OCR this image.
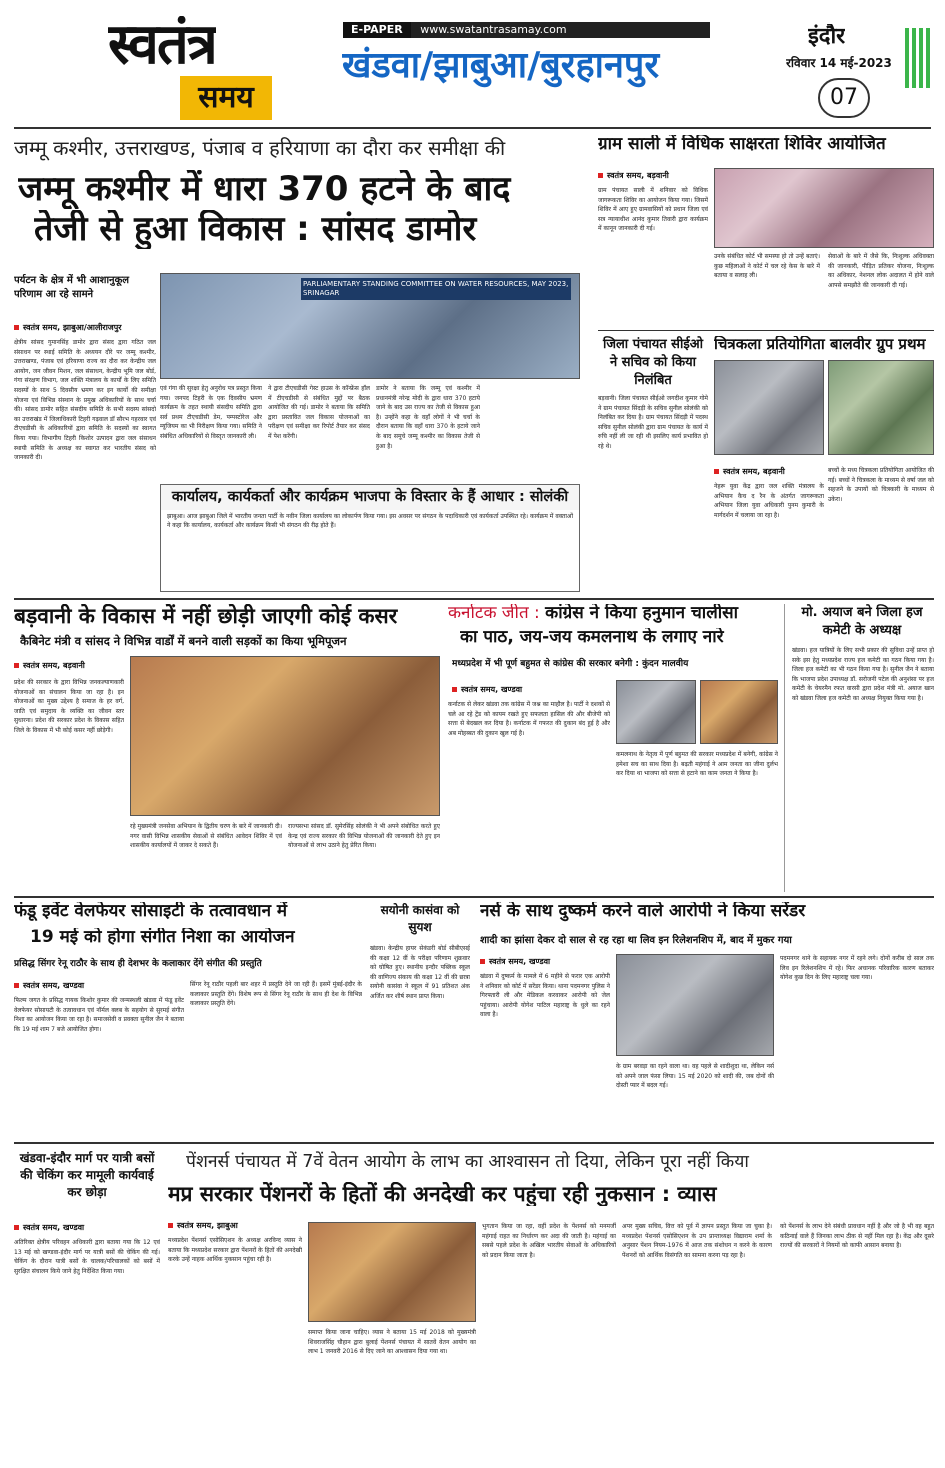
स्वतंत्र
समय
E-PAPER www.swatantrasamay.com
खंडवा/झाबुआ/बुरहानपुर
इंदौर
रविवार 14 मई-2023
07
जम्मू कश्मीर, उत्तराखण्ड, पंजाब व हरियाणा का दौरा कर समीक्षा की
जम्मू कश्मीर में धारा 370 हटने के बाद
तेजी से हुआ विकास : सांसद डामोर
पर्यटन के क्षेत्र में भी आशानुकूल परिणाम आ रहे सामने
स्वतंत्र समय, झाबुआ/आलीराजपुर
क्षेत्रीय सांसद गुमानसिंह डामोर द्वारा संसद द्वारा गठित जल संसाधन पर स्थाई समिति के अध्ययन दौरे पर जम्मू कश्मीर, उत्तराखण्ड, पंजाब एवं हरियाणा राज्य का दौरा कर केन्द्रीय जल आयोग, जन जीवन मिशन, जल संसाधन, केन्द्रीय भूमि जल बोर्ड, गंगा संरक्षण विभाग, जल शक्ति मंत्रालय के कार्यों के लिए समिति सदस्यों के साथ 5 दिवसीय भ्रमण कर इन कार्यों की समीक्षा योजना एवं विभिन्न संस्थान के प्रमुख अधिकारियों के साथ चर्चा की। सांसद डामोर सहित संसदीय समिति के सभी सदस्य सांसदो का उत्तराखंड में जिलाधिकारी टिहरी गढ़वाल डॉ सौरभ गहरवार एवं टीएचडीसी के अधिकारियों द्वारा समिति के सदस्यों का स्वागत किया गया। विभागीय टिहरी किशोर उत्पादन द्वारा जल संसाधन स्थायी समिति के अध्यक्ष का स्वागत कर भारतीय संसद को जानकारी दी।
PARLIAMENTARY STANDING COMMITTEE ON WATER RESOURCES, MAY 2023, SRINAGAR
एवं गंगा की सुरक्षा हेतु अनुरोध पत्र प्रस्तुत किया गया। जनपद टिहरी के एक दिवसीय भ्रमण कार्यक्रम के तहत स्थायी संसदीय समिति द्वारा सर्व प्रथम टीएचडीसी डेम, पम्पस्टोरेज और म्यूजियम का भी निरीक्षण किया गया। समिति ने संबंधित अधिकारियों से विस्तृत जानकारी ली।
ने द्वारा टीएचडीसी गेस्ट हाउस के कॉन्फ्रेंस हॉल में टीएचडीसी से संबंधित मुद्दों पर बैठक आयोजित की गई। डामोर ने बताया कि समिति द्वारा प्रस्तावित जल विकास योजनाओं का परीक्षण एवं समीक्षा कर रिपोर्ट तैयार कर संसद में पेश करेंगी।
डामोर ने बताया कि जम्मू एवं कश्मीर में प्रधानमंत्री नरेन्द्र मोदी के द्वारा धारा 370 हटाये जाने के बाद उस राज्य का तेजी से विकास हुआ है। उन्होंने कहा के वहाँ लोगों ने भी चर्चा के दौरान बताया कि वहाँ धारा 370 के हटाये जाने के बाद समूचे जम्मू कश्मीर का विकास तेजी से हुआ है।
कार्यालय, कार्यकर्ता और कार्यक्रम भाजपा के विस्तार के हैं आधार : सोलंकी
झाबुआ। आज झाबुआ जिले में भारतीय जनता पार्टी के नवीन जिला कार्यालय का लोकार्पण किया गया। इस अवसर पर संगठन के पदाधिकारी एवं कार्यकर्ता उपस्थित रहे। कार्यक्रम में वक्ताओं ने कहा कि कार्यालय, कार्यकर्ता और कार्यक्रम किसी भी संगठन की रीढ़ होते हैं।
ग्राम साली में विधिक साक्षरता शिविर आयोजित
स्वतंत्र समय, बड़वानी
ग्राम पंचायत साली में शनिवार को विधिक जागरूकता शिविर का आयोजन किया गया। जिसमें शिविर में आए हुए ग्रामवासियों को प्रधान जिला एवं सत्र न्यायाधीश आनंद कुमार तिवारी द्वारा कार्यक्रम में कानून जानकारी दी गई।
उनके संबंधित कोर्ट भी समस्या हो तो उन्हें बताएं। कुछ महिलाओं ने कोर्ट में चल रहे केस के बारे में बताया व सलाह ली।
सेवाओं के बारे में जैसे कि, निःशुल्क अधिवक्ता की जानकारी, पीड़ित प्रतिकर योजना, निःशुल्क का अधिकार, नेशनल लोक अदालत में होने वाले आपसे समझौते की जानकारी दी गई।
जिला पंचायत सीईओ ने सचिव को किया निलंबित
बड़वानी। जिला पंचायत सीईओ जगदीश कुमार गोमे ने ग्राम पंचायत सिंदड़ी के सचिव सुनील सोलंकी को निलंबित कर दिया है। ग्राम पंचायत सिंदड़ी में पदस्थ सचिव सुनील सोलंकी द्वारा ग्राम पंचायत के कार्य में रुचि नहीं ली जा रही थी इसलिए कार्य प्रभावित हो रहे थे।
चित्रकला प्रतियोगिता बालवीर ग्रुप प्रथम
स्वतंत्र समय, बड़वानी
नेहरू युवा केंद्र द्वारा जल शक्ति मंत्रालय के अभियान कैच द रैन के अंतर्गत जागरूकता अभियान जिला युवा अधिकारी पुनम कुमारी के मार्गदर्शन में चलाया जा रहा है।
बच्चों के मध्य चित्रकला प्रतियोगिता आयोजित की गई। बच्चों ने चित्रकला के माध्यम से वर्षा जल को सहजने के उपायों को चित्रकारी के माध्यम से उकेरा।
बड़वानी के विकास में नहीं छोड़ी जाएगी कोई कसर
कैबिनेट मंत्री व सांसद ने विभिन्न वार्डों में बनने वाली सड़कों का किया भूमिपूजन
स्वतंत्र समय, बड़वानी
प्रदेश की सरकार के द्वारा विभिन्न जनकल्याणकारी योजनाओं का संचालन किया जा रहा है। इन योजनाओं का मुख्य उद्देश्य है समाज के हर वर्ग, जाति एवं समुदाय के व्यक्ति का जीवन स्तर सुधारना। प्रदेश की सरकार प्रदेश के विकास सहित जिले के विकास में भी कोई कसर नहीं छोड़ेगी।
रहे मुख्यमंत्री जनसेवा अभियान के द्वितीय चरण के बारे में जानकारी दी। नगर वासी विभिन्न शासकीय सेवाओं से संबंधित आवेदन शिविर में एवं शासकीय कार्यालयों में जाकर दे सकते हैं।
राज्यसभा सांसद डॉ. सुमेरसिंह सोलंकी ने भी अपने संबोधित करते हुए केन्द्र एवं राज्य सरकार की विभिन्न योजनाओं की जानकारी देते हुए इन योजनाओं से लाभ उठाने हेतु प्रेरित किया।
कर्नाटक जीत : कांग्रेस ने किया हनुमान चालीसा
का पाठ, जय-जय कमलनाथ के लगाए नारे
मध्यप्रदेश में भी पूर्ण बहुमत से कांग्रेस की सरकार बनेगी : कुंदन मालवीय
स्वतंत्र समय, खण्डवा
कर्नाटक से लेकर खंडवा तक कांग्रेस में जश्न का माहौल है। पार्टी ने दशकों से चले आ रहे ट्रेंड को कायम रखते हुए सफलता हासिल की और बीजेपी को सत्ता से बेदखल कर दिया है। कर्नाटक में गफरत की दुकान बंद हुई है और अब मोहब्बत की दुकान खुल गई है।
कमलनाथ के नेतृत्व में पूर्ण बहुमत की सरकार मध्यप्रदेश में बनेगी, कांग्रेस ने हमेशा सच का साथ दिया है। बढ़ती महंगाई ने आम जनता का जीना दुर्लभ कर दिया था भाजपा को सत्ता से हटाने का काम जनता ने किया है।
मो. अयाज बने जिला हज कमेटी के अध्यक्ष
खंडवा। हज यात्रियों के लिए सभी प्रकार की सुविधा उन्हें प्राप्त हो सके इस हेतु मध्यप्रदेश राज्य हज कमेटी का गठन किया गया है। जिला हज कमेटी का भी गठन किया गया है। सुनील जैन ने बताया कि भाजपा प्रदेश उपाध्यक्ष डॉ. सरोजनी पटेल की अनुशंसा पर हज कमेटी के चेयरमैन रफत वारसी द्वारा प्रदेश मंत्री मो. अयाज खान को खंडवा जिला हज कमेटी का अध्यक्ष नियुक्त किया गया है।
फंडू इवेंट वेलफेयर सोसाइटी के तत्वावधान में
19 मई को होगा संगीत निशा का आयोजन
प्रसिद्ध सिंगर रेनू राठौर के साथ ही देशभर के कलाकार देंगे संगीत की प्रस्तुति
स्वतंत्र समय, खण्डवा
फिल्म जगत के प्रसिद्ध गायक किशोर कुमार की जन्मस्थली खंडवा में फंडू इवेंट वेलफेयर सोसायटी के तत्वावधान एवं नॉर्मल क्लब के सहयोग से सुरमई संगीत निशा का आयोजन किया जा रहा है। समाजसेवी व प्रवक्ता सुनील जैन ने बताया कि 19 मई शाम 7 बजे आयोजित होगा।
सिंगर रेनू राठौर पहली बार शहर में प्रस्तुति देने जा रही हैं। इसमें मुंबई-इंदौर के कलाकार प्रस्तुति देंगे। विशेष रूप से सिंगर रेनू राठौर के साथ ही देश के विभिन्न कलाकार प्रस्तुति देंगे।
सयोनी कासंवा को सुयश
खंडवा। केन्द्रीय हायर सेकंडरी बोर्ड सीबीएसई की कक्षा 12 वीं के परीक्षा परिणाम शुक्रवार को घोषित हुए। स्थानीय इन्दौर पब्लिक स्कूल की वाणिज्य संकाय की कक्षा 12 वीं की छात्रा सयोनी कासंवा ने स्कूल में 91 प्रतिशत अंक अर्जित कर शीर्ष स्थान प्राप्त किया।
नर्स के साथ दुष्कर्म करने वाले आरोपी ने किया सरेंडर
शादी का झांसा देकर दो साल से रह रहा था लिव इन रिलेशनशिप में, बाद में मुकर गया
स्वतंत्र समय, खण्डवा
खंडवा में दुष्कर्म के मामले में 6 महीने से फरार एक आरोपी ने शनिवार को कोर्ट में सरेंडर किया। थाना पदमनगर पुलिस ने गिरफ्तारी ली और मेडिकल करवाकर आरोपी को जेल पहुंचाया। आरोपी योगेश पाटिल महाराष्ट्र के धुले का रहने वाला है।
के ग्राम बरवड़ा का रहने वाला था। वह पहले से शादीशुदा था, लेकिन नर्स को अपने जाल फंसा लिया। 15 मई 2020 को शादी की, जब दोनों की दोस्ती प्यार में बदल गई।
पदमनगर थाने के सहायक नगर में रहने लगे। दोनों करीब दो साल तक लिव इन रिलेशनशिप में रहे। फिर अचानक परिवारिक कारण बताकर योगेश कुछ दिन के लिए महाराष्ट्र चला गया।
खंडवा-इंदौर मार्ग पर यात्री बसों की चेकिंग कर मामूली कार्यवाई कर छोड़ा
स्वतंत्र समय, खण्डवा
अतिरिक्त क्षेत्रीय परिवहन अधिकारी द्वारा बताया गया कि 12 एवं 13 मई को खण्डवा-इंदौर मार्ग पर यात्री बसों की चेकिंग की गई। चेकिंग के दौरान यात्री बसों के चालक/परिचालकों को बसों में सुरक्षित संचालन किये जाने हेतु निर्देशित किया गया।
पेंशनर्स पंचायत में 7वें वेतन आयोग के लाभ का आश्वासन तो दिया, लेकिन पूरा नहीं किया
मप्र सरकार पेंशनरों के हितों की अनदेखी कर पहुंचा रही नुकसान : व्यास
स्वतंत्र समय, झाबुआ
मध्यप्रदेश पेंशनर्स एसोसिएशन के अध्यक्ष अरविन्द व्यास ने बताया कि मध्यप्रदेश सरकार द्वारा पेंशनरों के हितों की अनदेखी करके उन्हें नाहक आर्थिक नुकसान पहुंचा रही है।
समाप्त किया जाना चाहिए। व्यास ने बताया 15 मई 2018 को मुख्यमंत्री शिवराजसिंह चौहान द्वारा बुलाई पेंशनर्स पंचायत में सातवें वेतन आयोग का लाभ 1 जनवरी 2016 से दिए जाने का आश्वासन दिया गया था।
भुगतान किया जा रहा, वहीं प्रदेश के पेंशनर्स को मनमर्जी महंगाई राहत का निर्धारण कर अदा की जाती है। महंगाई का सबसे पहले प्रदेश के अखिल भारतीय सेवाओं के अधिकारियों को प्रदान किया जाता है।
अपर मुख्य सचिव, वित्त को पूर्व में ज्ञापन प्रस्तुत किया जा चुका है। मध्यप्रदेश पेंशनर्स एसोसिएशन के उप प्रान्ताध्यक्ष विद्याराम शर्मा के अनुसार पेंशन नियम-1976 में आज तक संशोधन न करने के कारण पेंशनरों को आर्थिक विसंगति का सामना करना पड़ रहा है।
को पेंशनर्स के लाभ देने संबंधी प्रावधान नहीं है और जो है भी वह बहुत कठिनाई वाले हैं जिनका लाभ ठीक से नहीं मिल रहा है। केंद्र और दूसरे राज्यों की सरकारों ने नियमों को काफी आसान बनाया है।
